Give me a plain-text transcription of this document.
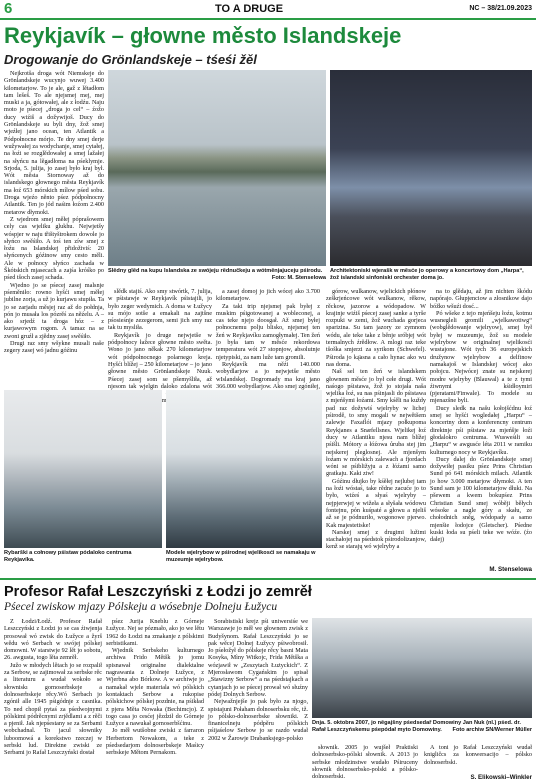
6	TO A DRUGE	NC – 38/21.09.2023
Reykjavík – głowne město Islandskeje
Drogowanje do Grönlandskeje – tśeśi žěl

Nejkrotša droga wót Niemskeje do Grönlandskeje wucynjo wuwej 3.400 kilometarjow. To je ale, gaž z lětadłom tam lešeš. To ale njejsmej mej, mej muski a ja, gótowałej, ale z łodźu. Naju moto je pśecej „droga jo cel“ – źožo ducy wiźiš a dožywijoš. Ducy do Grönlandskeje su byli dny, žož smej wjeźłej jano ocean, ten Atlantik a Pódpołnocne mórjo. Te dny smej derje wužywałej za wodychanje, smej cytałej, na łoźi se rozglědowałej a smej lažałej na słyńcu na lěgadłoma na pśeklymje. Srjoda, 5. julija, jo zasej było kraj był. Wót města Stornoway až do islandskego głownego města Reykjavík ma łoź 653 mórskich mílow pśed sobu. Droga wjeźo něnto pśez pódpołnocny Atlantik. Ten jo jód naśim łoźom 2.400 metarow dłymoki.

Z wjedrom smej měłej póprašowem cely cas wjeliku glukhu. Nejwjetšy wóspjer w naju třištyštrokem dowole jo słyńco swěśiło. A toś ten zíw smej z łoźu na Islandskej přidoživiś: 20 słyńcenych góźinow smy cesto měli. Ale w połnocy słyńco zachada w Škótskich mjasecach a zajśa króśko po pśed tšoch zasej schada.

Wjedno jo se pśecej zasej malsnje pśeměniło: rowno hyšći smej měłej jubilne zorja, a už jo kurjawu stupiła. Ta jo se zarjadu měsjej raz až do połdnja, pón jo musała los pózrěś za něźelu. A – ako srjedź ta droga hóz – z kurjawowym rogom. A tamaz na se zwoni gruźł a zjědny zasej swěśiło.

Drugi raz smy wšykne musali naše zegery zasej wó jadnu góźinu

Slědny glěd na kupu Islandska ze swójeju rědnučkeju a wótměnjajuceju pśirodu.
Foto: M. Stenselowa
Architektoniski wjerašk w měsće jo operowy a koncertowy dom „Harpa“, žož islandski sinfoniski orchester doma jo.

slědk stajiś. Ako smy stwórtk, 7. julija, w pśistawje w Reykjavík pśistajili, jo było zeger wedymich. A doma w Łužycy su mójo sotše a emakali na zajtšne pśosieśnje zezegerom, semi jich smy raz tak tu mysliła.

Reykjavík jo druge nejwjetše w pódpołnocy łažece głowne město swěta. Wono jo jano někak 270 kilometarjow wót pódpołnocnego polarnego kreja. Hyšći blížej – 250 kilometarjow – jo jano głowne město Grönlandskeje Nuuk. Pśecej zasej som se pšemyšliła, až njesom tak wjelgin daloko zdalona wót

a zasej domoj jo jich wócej ako 3.700 kilometarjow.

Za taki trip njejsmej pak byłej z muskim pśigotowanej a wobleconej, a cas teke njejo doosgał. Až smej byłej połnocnemu polju blisko, njejsmej ten žeń w Reykjavíku zamogłymałej. Ten žeń jo była tam w měsće rekordowa temperatura wót 27 stopnjow, absolutnje njetypiski, za nam luže tam gromili.

Reykjavík ma něźi 140.000 wobydlarjow a jo nejwjetše město wIslandskej. Dogromady ma kraj jano 366.000 wobydlarjow. Ako smej zgóniłej,

górow, wulkanow, wjelickich płónow zeškrjeńcowe wót wulkanow, rěkow, rěckow, jazorow a wódopadow. W krajinje wiźiš pśecej zasej sanke a tyrše rozpuki w zemi, žož wuchada gorjeca sparizina. Su tam jazory ze zymnom wódu, ale teke take z běnje sróbjej wót termalnych źrědłow. A mlogi raz teke tšoška smjerzi za syrikom (Schwefel). Pśiroda jo ką̈asna a cało hynac ako wu nas doma.

Naš sel ten žeń w islandskem głownem měsće jo był cełe drugi. Wót naśogo pśistawa, žož jo stojała naša wjelika łoź, su nas pśinjasli do pśistawa z mjeńšymi łoźami. Smy kśěli na kuždy pad raz dožywiś wjelryby w lichej pśirodě, to smy mogali w nejwětšem zalewje Faxaflói mjazy połkupoma Reykjanes a Snæfellsnes. Wjelikej łoź ducy w Atlantiku njesu nam blížej pśišli. Mótory a łóźowa ůruba stej jim nejskerej pleglosnej. Ale mjenšym łoźam w mórskich zalewach a fjordach wóni se pśibližyju a z łóźami samo gratkaju. Kaki ziw!

Góźinu dłujko by kśěłej nejlubej tam na łoźi wóstaś, take rědne zacuće jo to było, wiźeś a słyaś wjelryby – nejpjerwjej w wižeła a słyšała wódowu fontejnu, pón kuśpaté a głowu a njeliš až se je pódnuriło, wogonowe pjerwo. Kak majestetiske!

Narskej smej z drugimi lužimi stachałojej na pśedstok pśirodolizanjow, kenž se starajų wó wjelryby a

na to glědaju, až jim nichten škódu napórajo. Głupjenciow a złosnikow dajo bóžko wšuźi dosć...

Pó wšeke z tejo mjeńšeju łoźu, kotmu wusnegleli gromili „wjelkawotiwg“ (wobglědowanje wjelryow), smej był byłej w muzeumje, žož su modele wjelrybow w originalnej wjelikosći wustajone. Wót tych 36 europejskich družynow wjelrybow a delfinow namakajoš w Islandskej wócej ako połojcu. Nejwócej znate su nejskerej modre wjelryby (Blauwal) a te z tymi źiwnymi kśidłoymiri (pjeratami/Finwale). To modele su mjenazšne byli.

Ducy sledk na našu kołojšćdnu łoź smej se hyšći wogledałej „Harpu“ – koncertny dom a konferencny centrum direktnje pśi pśistaw za mjeńšje łoźi głodalokro centruma. Wusweśiłi su „Harpu“ w awgusće léta 2011 w ramiku kulturnego nocy w Reykjavíku.

Ducy dalej do Grönlandskeje smej dožywiłej pasiku pśez Prins Christian Sund pó 641 mórskich milach. Atlantik jo how 3.000 metarjow dłymoki. A ten Sund sam je 100 kilometarjow dłuki. Na pšewem a kwem bokupśez Prins Christian Sund smej wóběji běłych wósoke a nagle góry a skału, ze chołodnich sněg, wódopady a samo mjenšie łodojce (Gletscher). Pśedne kuski łoda su pśeli teke we wóźe. (źo dalej)

M. Stenselowa
Rybarški a cołnowy pśistaw pódaloko centruma Reykjavíka.
Modele wjelrybow w pśirodnej wjelikosći se namakaju w muzeumje wjelrybow.
Profesor Rafał Leszczyński z Łodzi jo zemrěł
Pśecel zwiskow mjazy Pólskeju a wósebnje Dolneju Łužycu

Z Łodzi/Łodź. Profesor Rafał Leszczyński z Łodzi jo se cas źiwjenja prosował wó zwisk do Łužyce a žyrš wědu wó Serbach w swójej pólskej domowni. W starstwje 92 lět jo sobotu, 26. awgusta, togo lěta zemrěł.

Južo w młodych lětach jo se rozpalił za Serbow, se zajimował za serbske rěc a literaturu a wudał wokoło se słowniskı gornoserbskeje a dolnoserbskeje rěcy.Wó Serbach jo zgónił alle 1945 pśigódnje z casnika. To ned chopił pytaś za pśedwojnymi pólskimi pódrěcnymi zrjědlami a z rěči a pjenił. Jak njepśestany se za Serbami wobchadnal. To jacul słowniky luboomowá a korekstwo rzeczej w serbski lud. Direktne zwiski ze Serbami jo Rafał Leszczyński dostał

pśez Jurija Kneblu z Górneje Łužyce. Nej se pózmało, ako jo we lětu 1962 do Łodzi na zmakanje z pólskimi serbistikami.

Wjednik Serbskeho kulturnego archiwa Frido Mětšk jo jomu spisnawał originalne dialektalne nagrawania z Dolneje Łužyce, z Wjerbna abo Bórkow. A w archiwje jo namakał wjele materiala wó pólskich kontaktach Serbow a rukopise pólskichow pólskej pozdnie, na pśikład z pjera Měta Nowaka (Bechimcjo). Z togo casa jo cesćej jězdził do Górneje Łužyce a nawukał gornoserbšćinu.

Jo měł wutšobne zwiski z farraron Herbertom Nowakom, a teke z pśedsedarjom dolnoserbskeje Maśicy serbskeje Mětom Pernakom.

Sorabistiski krejz pśi uniwersiśe we Warszawje jo měł we głownem zwisk z Budyšynom. Rafał Leszczyński jo se pak wěcej Dolnej Łužycy pśiwobrosił. Jo pśełožył do pólskeje rěcy basni Mata Kosyka, Mìny Witkojc, Frida Mětška a wózjawił w „Zeszytach Łużyckich“. Z Mjerosławom Cygańskim jo spisał „Stawizny Serbow“ a na pśedstajkach a cytanjach jo se pśecej prował wó słuźny pódej Dolnych Serbow.

Nejwažnjejše jo pak było za njogo, spistajuni Połaham dolnoserbsku rěc, tž. jo pólsko-dolnoserbske słowniki. Z finanicelneju pódpěru pólskich pśijaśelow Serbow jo se razdo wudał 2002 w Žarowje Drabanksjego-polsko

Dnja. 5. oktobra 2007, jo něgajšny pśedsedař Domowiny Jan Nuk (nl.) pśed. dr. Rafał Leszczyńskemu pśepódał myto Domowiny. Foto archiw SN/Werner Müller

słownik. 2005 jo wujšeł Praktiski dolnoserbsko-pólski słownik. A 2013 jo serbske młodzinstwe wudało Pśiruceny słownik dolnoserbsko-polski a pólsko-dolnoserbski.

A toni jo Rafał Leszczyński wudał knigličcs za konwersacijo – pólsko dolnoserbski.

S. Elikowski–Winkler
